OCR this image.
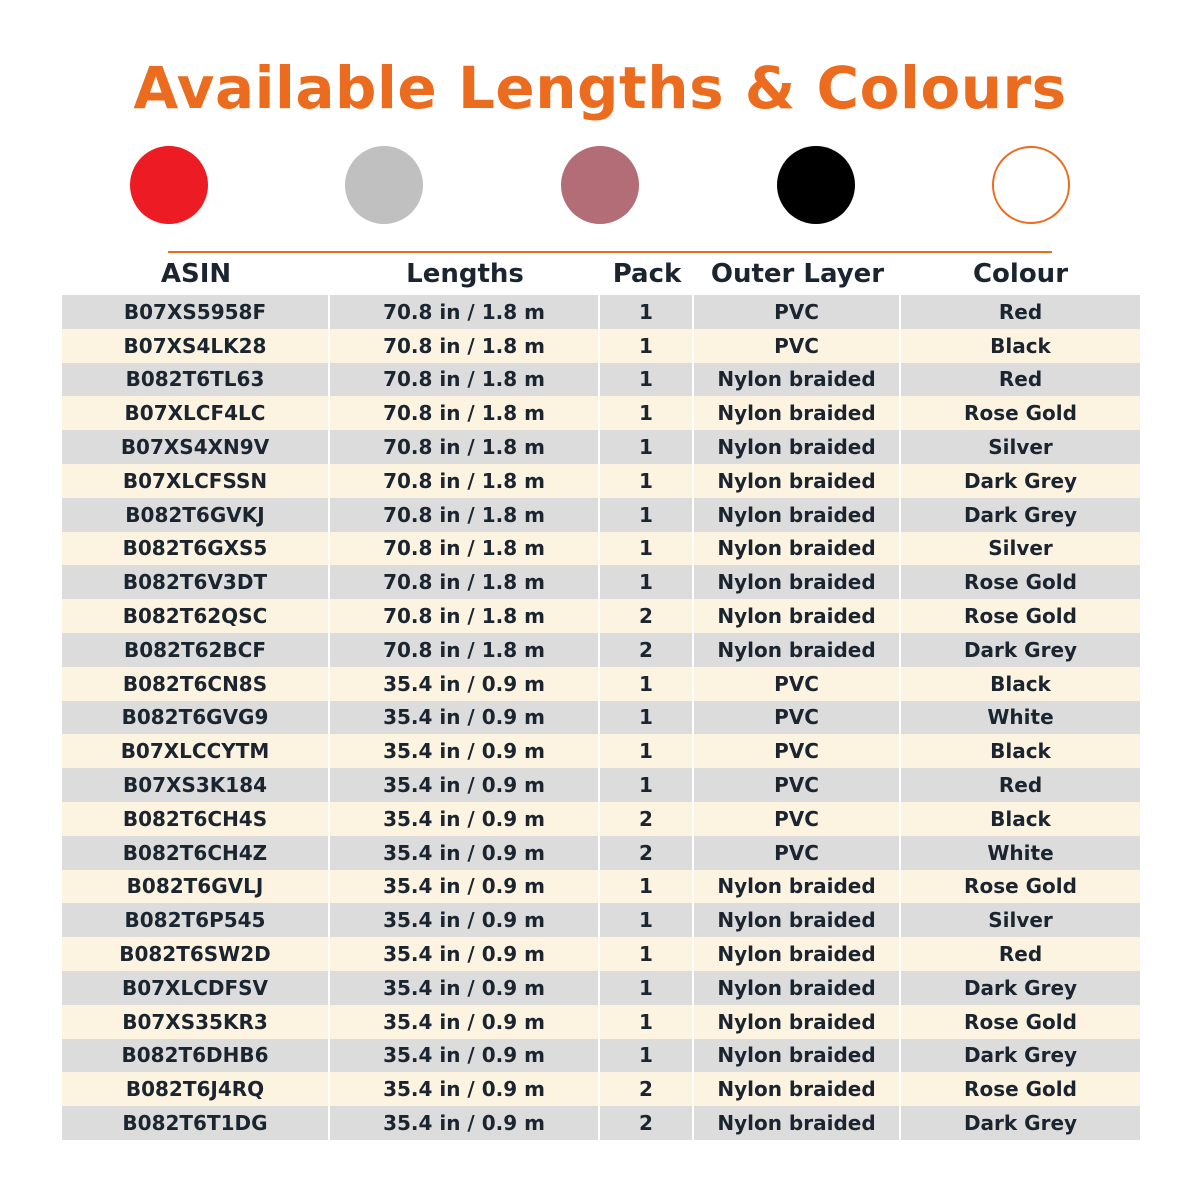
Available Lengths & Colours
ASIN	Lengths	Pack	Outer Layer	Colour
B07XS5958F	70.8 in / 1.8 m	1	PVC	Red
B07XS4LK28	70.8 in / 1.8 m	1	PVC	Black
B082T6TL63	70.8 in / 1.8 m	1	Nylon braided	Red
B07XLCF4LC	70.8 in / 1.8 m	1	Nylon braided	Rose Gold
B07XS4XN9V	70.8 in / 1.8 m	1	Nylon braided	Silver
B07XLCFSSN	70.8 in / 1.8 m	1	Nylon braided	Dark Grey
B082T6GVKJ	70.8 in / 1.8 m	1	Nylon braided	Dark Grey
B082T6GXS5	70.8 in / 1.8 m	1	Nylon braided	Silver
B082T6V3DT	70.8 in / 1.8 m	1	Nylon braided	Rose Gold
B082T62QSC	70.8 in / 1.8 m	2	Nylon braided	Rose Gold
B082T62BCF	70.8 in / 1.8 m	2	Nylon braided	Dark Grey
B082T6CN8S	35.4 in / 0.9 m	1	PVC	Black
B082T6GVG9	35.4 in / 0.9 m	1	PVC	White
B07XLCCYTM	35.4 in / 0.9 m	1	PVC	Black
B07XS3K184	35.4 in / 0.9 m	1	PVC	Red
B082T6CH4S	35.4 in / 0.9 m	2	PVC	Black
B082T6CH4Z	35.4 in / 0.9 m	2	PVC	White
B082T6GVLJ	35.4 in / 0.9 m	1	Nylon braided	Rose Gold
B082T6P545	35.4 in / 0.9 m	1	Nylon braided	Silver
B082T6SW2D	35.4 in / 0.9 m	1	Nylon braided	Red
B07XLCDFSV	35.4 in / 0.9 m	1	Nylon braided	Dark Grey
B07XS35KR3	35.4 in / 0.9 m	1	Nylon braided	Rose Gold
B082T6DHB6	35.4 in / 0.9 m	1	Nylon braided	Dark Grey
B082T6J4RQ	35.4 in / 0.9 m	2	Nylon braided	Rose Gold
B082T6T1DG	35.4 in / 0.9 m	2	Nylon braided	Dark Grey
